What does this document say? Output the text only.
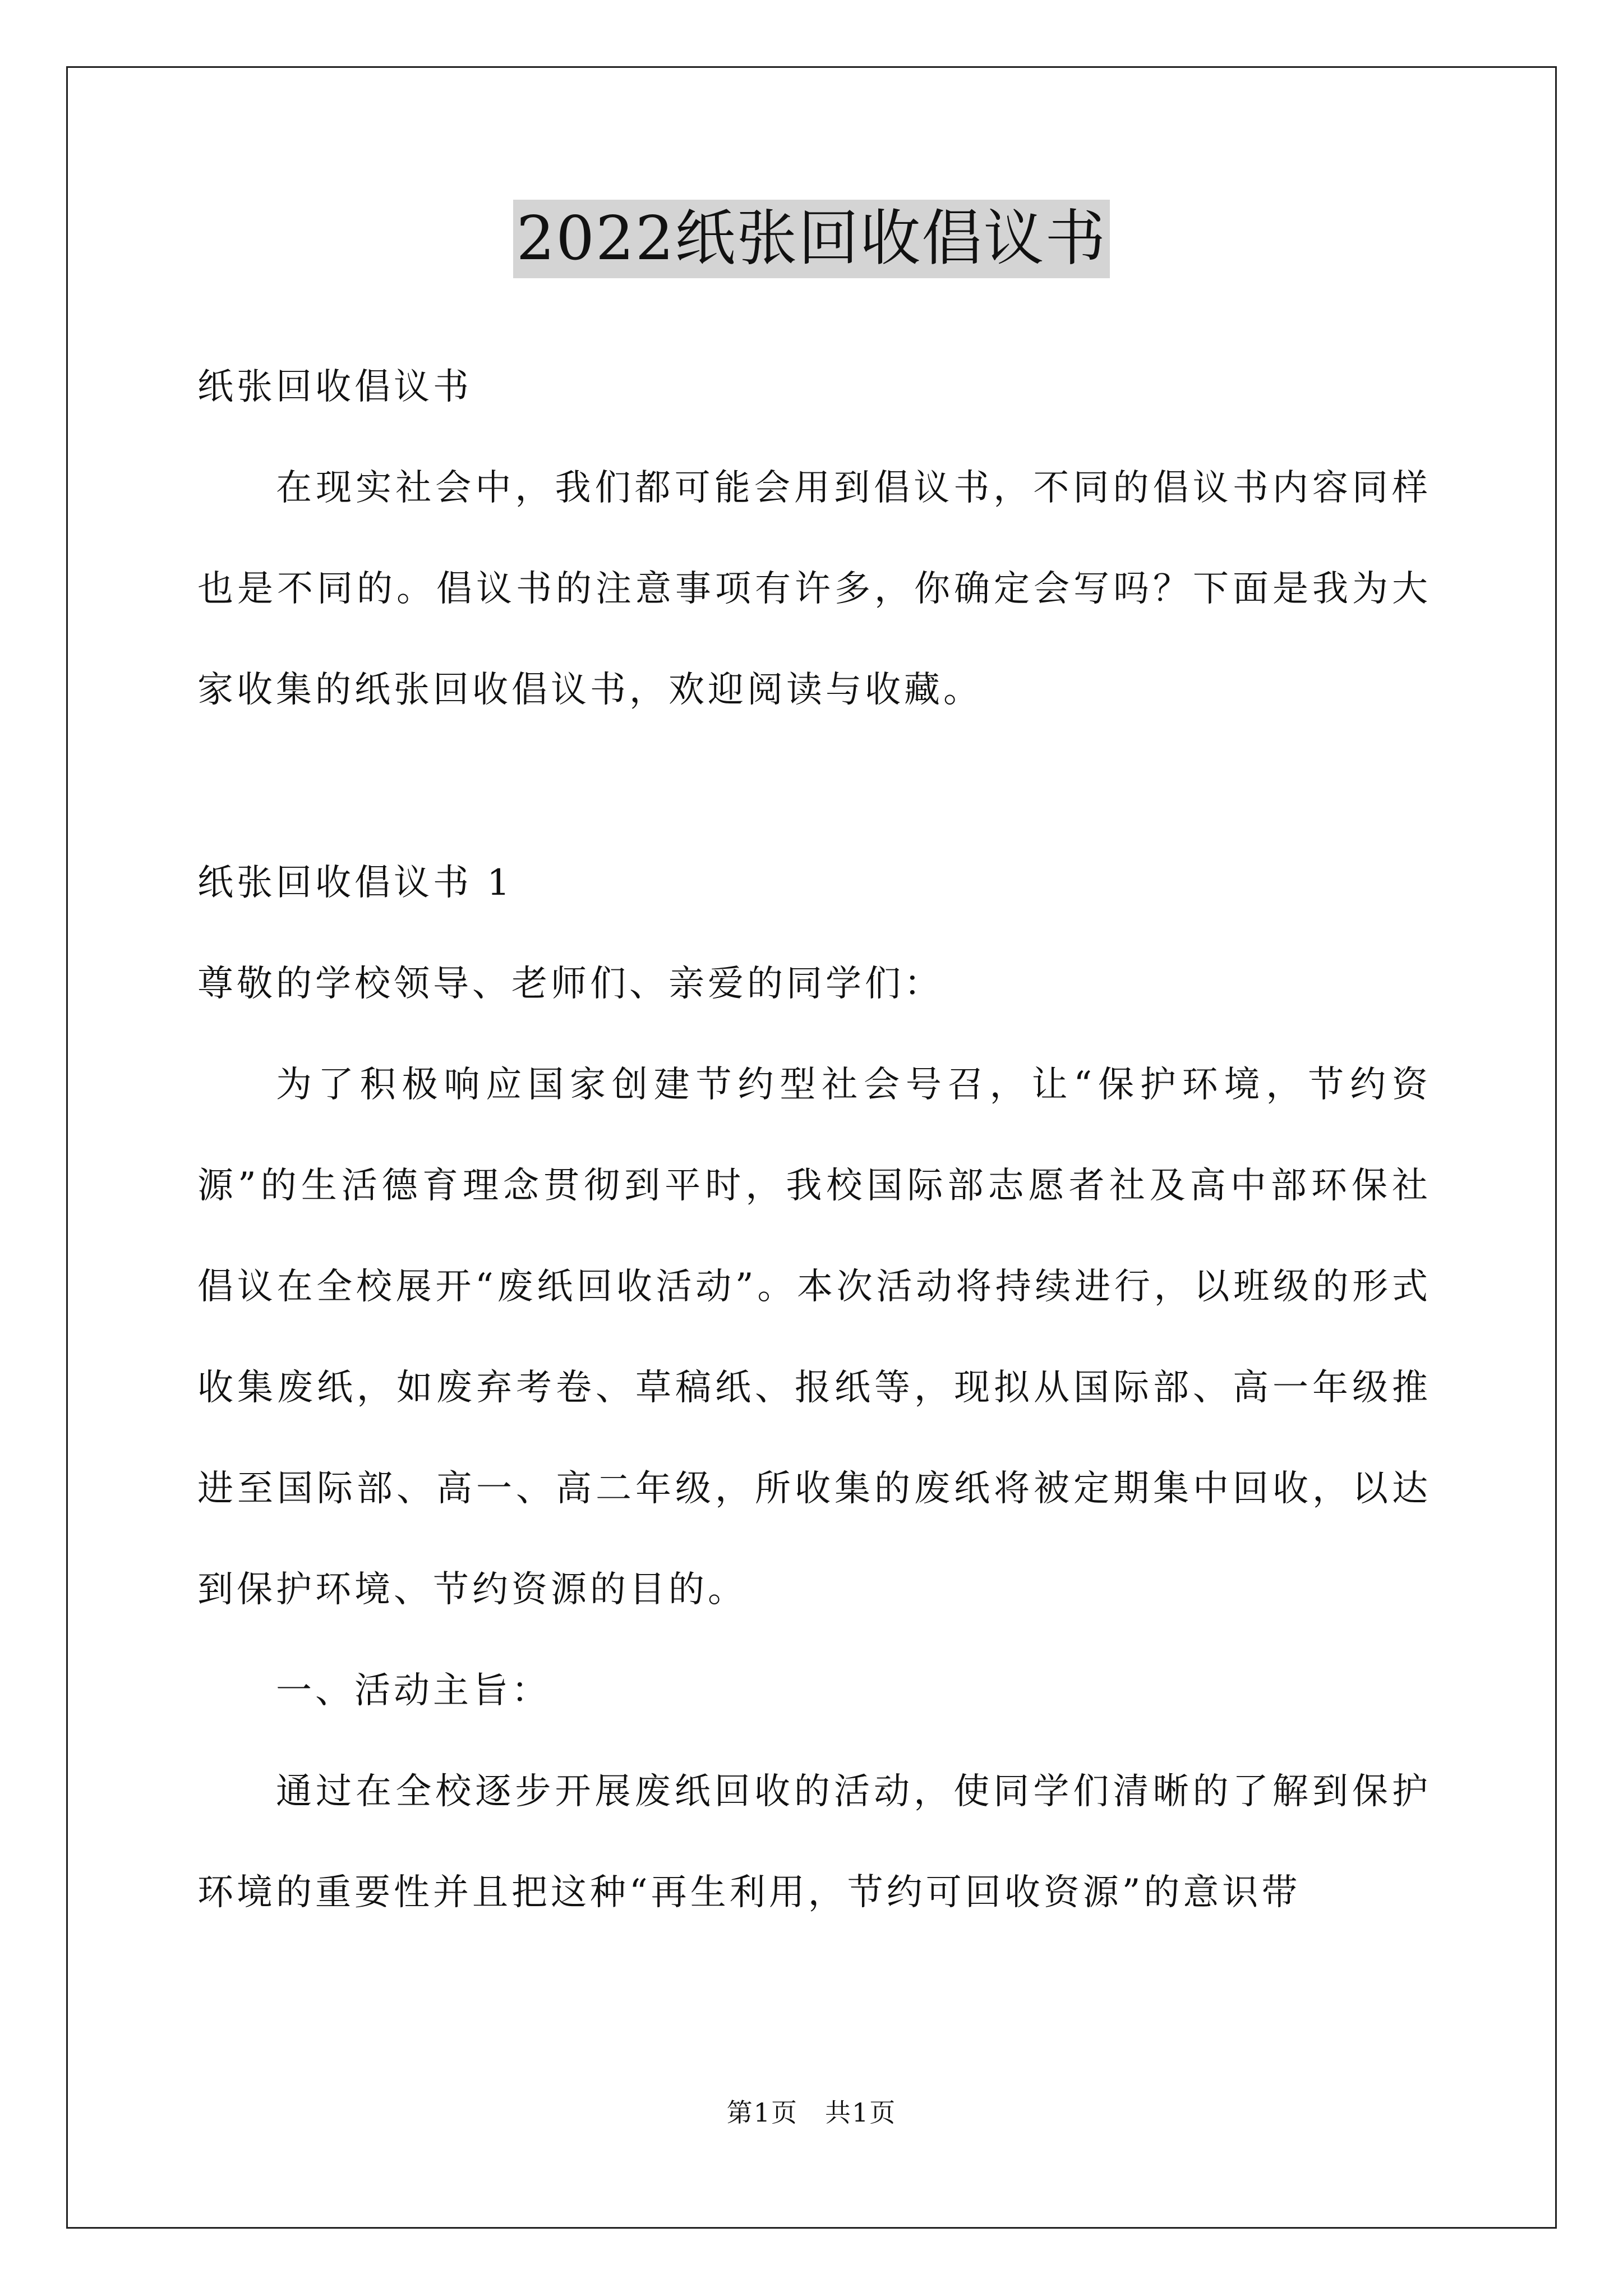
2022纸张回收倡议书

纸张回收倡议书

在现实社会中，我们都可能会用到倡议书，不同的倡议书内容同样也是不同的。倡议书的注意事项有许多，你确定会写吗？下面是我为大家收集的纸张回收倡议书，欢迎阅读与收藏。

纸张回收倡议书 1

尊敬的学校领导、老师们、亲爱的同学们：

为了积极响应国家创建节约型社会号召，让“保护环境，节约资源”的生活德育理念贯彻到平时，我校国际部志愿者社及高中部环保社倡议在全校展开“废纸回收活动”。本次活动将持续进行，以班级的形式收集废纸，如废弃考卷、草稿纸、报纸等，现拟从国际部、高一年级推进至国际部、高一、高二年级，所收集的废纸将被定期集中回收，以达到保护环境、节约资源的目的。

一、活动主旨：

通过在全校逐步开展废纸回收的活动，使同学们清晰的了解到保护环境的重要性并且把这种“再生利用，节约可回收资源”的意识带

第1页　共1页
